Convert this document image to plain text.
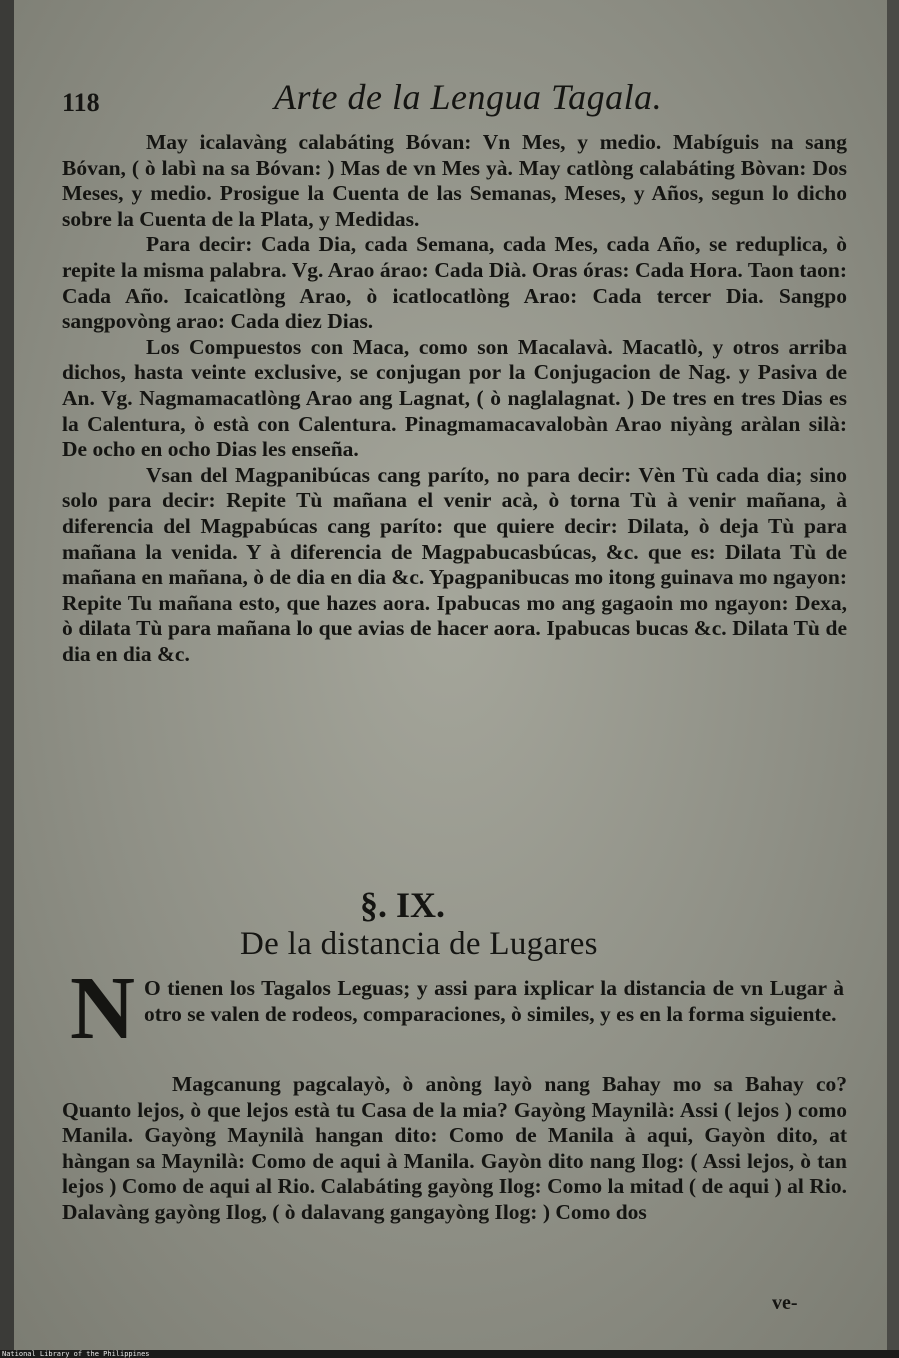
118	Arte de la Lengua Tagala.

May icalavàng calabáting Bóvan: Vn Mes, y medio. Mabíguis na sang Bóvan, ( ò labì na sa Bóvan: ) Mas de vn Mes yà. May catlòng calabáting Bòvan: Dos Meses, y medio. Prosigue la Cuenta de las Semanas, Meses, y Años, segun lo dicho sobre la Cuenta de la Plata, y Medidas.

Para decir: Cada Dia, cada Semana, cada Mes, cada Año, se reduplica, ò repite la misma palabra. Vg. Arao árao: Cada Dià. Oras óras: Cada Hora. Taon taon: Cada Año. Icaicatlòng Arao, ò icatlocatlòng Arao: Cada tercer Dia. Sangpo sangpovòng arao: Cada diez Dias.

Los Compuestos con Maca, como son Macalavà. Macatlò, y otros arriba dichos, hasta veinte exclusive, se conjugan por la Conjugacion de Nag. y Pasiva de An. Vg. Nagmamacatlòng Arao ang Lagnat, ( ò naglalagnat. ) De tres en tres Dias es la Calentura, ò està con Calentura. Pinagmamacavalobàn Arao niyàng aràlan silà: De ocho en ocho Dias les enseña.

Vsan del Magpanibúcas cang paríto, no para decir: Vèn Tù cada dia; sino solo para decir: Repite Tù mañana el venir acà, ò torna Tù à venir mañana, à diferencia del Magpabúcas cang paríto: que quiere decir: Dilata, ò deja Tù para mañana la venida. Y à diferencia de Magpabucasbúcas, &c. que es: Dilata Tù de mañana en mañana, ò de dia en dia &c. Ypagpanibucas mo itong guinava mo ngayon: Repite Tu mañana esto, que hazes aora. Ipabucas mo ang gagaoin mo ngayon: Dexa, ò dilata Tù para mañana lo que avias de hacer aora. Ipabucas bucas &c. Dilata Tù de dia en dia &c.

§. IX.
De la distancia de Lugares
N O tienen los Tagalos Leguas; y assi para ixplicar la distancia de vn Lugar à otro se valen de rodeos, comparaciones, ò similes, y es en la forma siguiente.

Magcanung pagcalayò, ò anòng layò nang Bahay mo sa Bahay co? Quanto lejos, ò que lejos està tu Casa de la mia? Gayòng Maynilà: Assi ( lejos ) como Manila. Gayòng Maynilà hangan dito: Como de Manila à aqui, Gayòn dito, at hàngan sa Maynilà: Como de aqui à Manila. Gayòn dito nang Ilog: ( Assi lejos, ò tan lejos ) Como de aqui al Rio. Calabáting gayòng Ilog: Como la mitad ( de aqui ) al Rio. Dalavàng gayòng Ilog, ( ò dalavang gangayòng Ilog: ) Como dos

ve-
National Library of the Philippines
